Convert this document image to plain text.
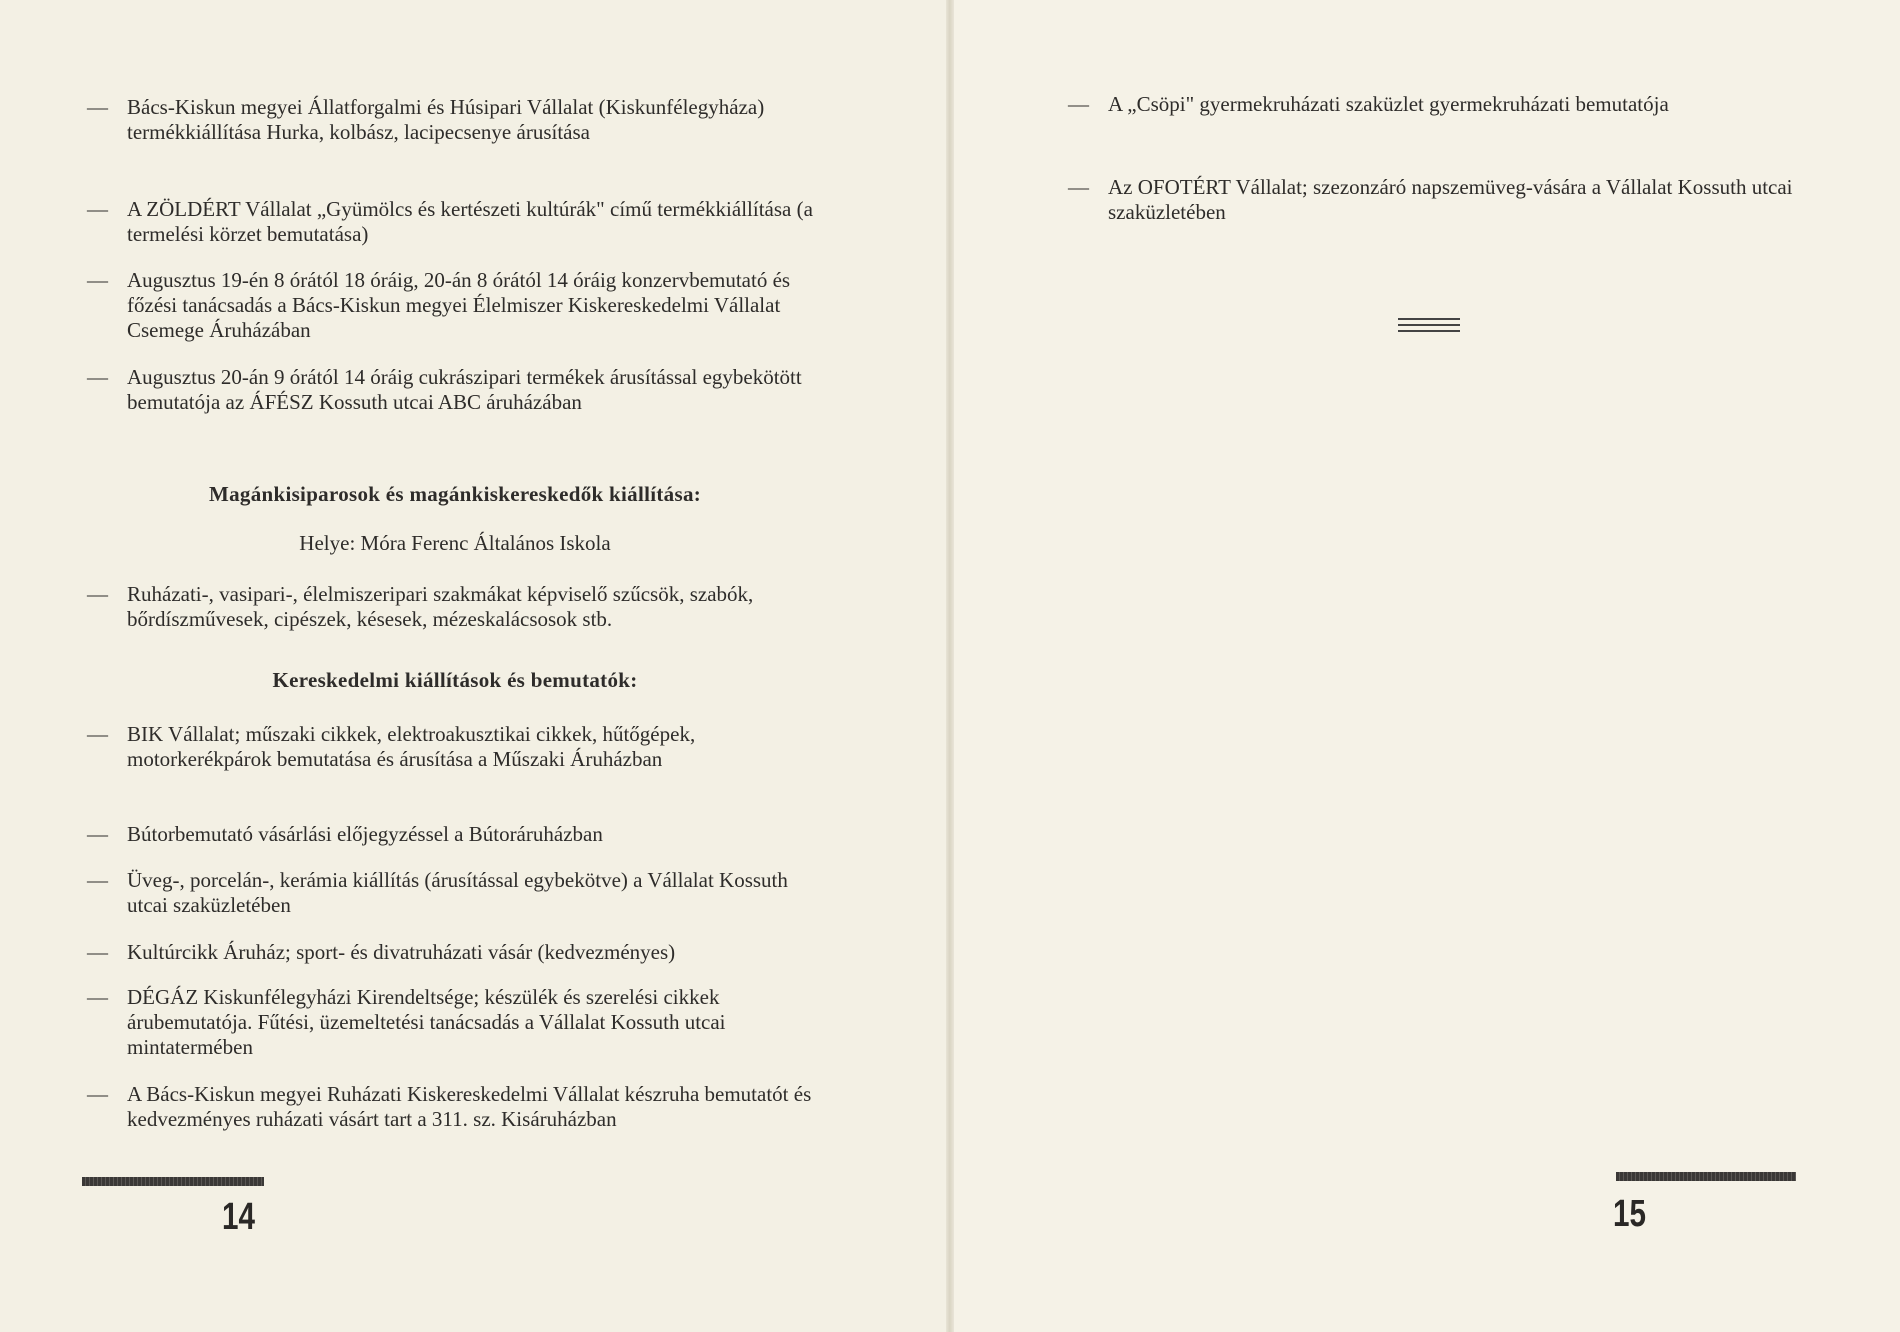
— Bács-Kiskun megyei Állatforgalmi és Húsipari Vállalat (Kiskunfélegyháza) termékkiállítása Hurka, kolbász, lacipecsenye árusítása
— A ZÖLDÉRT Vállalat „Gyümölcs és kertészeti kultúrák" című termékkiállítása (a termelési körzet bemutatása)
— Augusztus 19-én 8 órától 18 óráig, 20-án 8 órától 14 óráig konzervbemutató és főzési tanácsadás a Bács-Kiskun megyei Élelmiszer Kiskereskedelmi Vállalat Csemege Áruházában
— Augusztus 20-án 9 órától 14 óráig cukrászipari termékek árusítással egybekötött bemutatója az ÁFÉSZ Kossuth utcai ABC áruházában
Magánkisiparosok és magánkiskereskedők kiállítása:
Helye: Móra Ferenc Általános Iskola
— Ruházati-, vasipari-, élelmiszeripari szakmákat képviselő szűcsök, szabók, bőrdíszművesek, cipészek, késesek, mézeskalácsosok stb.
Kereskedelmi kiállítások és bemutatók:
— BIK Vállalat; műszaki cikkek, elektroakusztikai cikkek, hűtőgépek, motorkerékpárok bemutatása és árusítása a Műszaki Áruházban
— Bútorbemutató vásárlási előjegyzéssel a Bútoráruházban
— Üveg-, porcelán-, kerámia kiállítás (árusítással egybekötve) a Vállalat Kossuth utcai szaküzletében
— Kultúrcikk Áruház; sport- és divatruházati vásár (kedvezményes)
— DÉGÁZ Kiskunfélegyházi Kirendeltsége; készülék és szerelési cikkek árubemutatója. Fűtési, üzemeltetési tanácsadás a Vállalat Kossuth utcai mintatermében
— A Bács-Kiskun megyei Ruházati Kiskereskedelmi Vállalat készruha bemutatót és kedvezményes ruházati vásárt tart a 311. sz. Kisáruházban
14
— A „Csöpi" gyermekruházati szaküzlet gyermekruházati bemutatója
— Az OFOTÉRT Vállalat; szezonzáró napszemüveg-vására a Vállalat Kossuth utcai szaküzletében
15
